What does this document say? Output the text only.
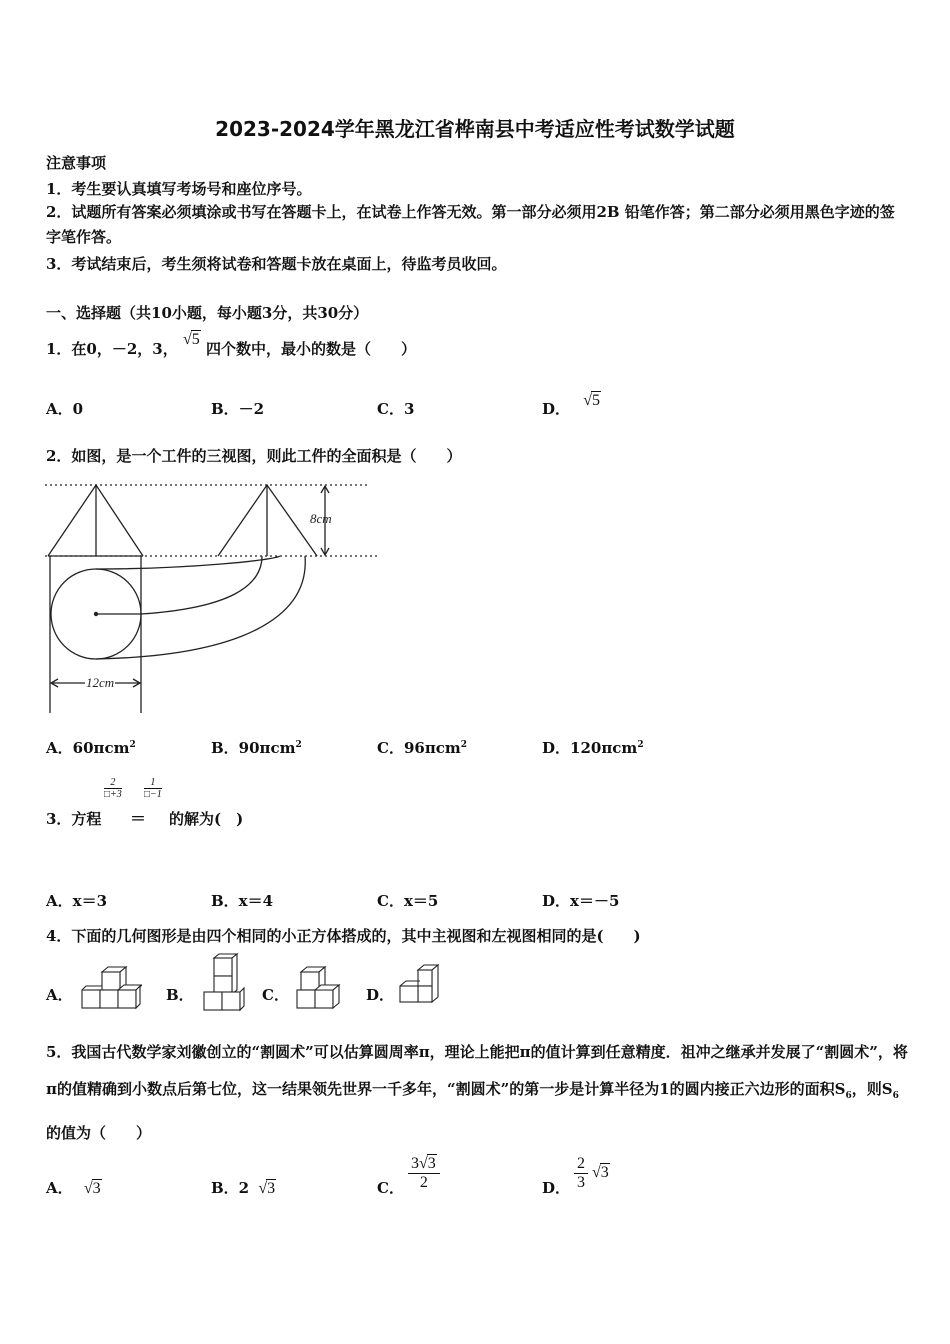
2023-2024学年黑龙江省桦南县中考适应性考试数学试题
注意事项
1．考生要认真填写考场号和座位序号。
2．试题所有答案必须填涂或书写在答题卡上，在试卷上作答无效。第一部分必须用2B 铅笔作答；第二部分必须用黑色字迹的签字笔作答。
3．考试结束后，考生须将试卷和答题卡放在桌面上，待监考员收回。
一、选择题（共10小题，每小题3分，共30分）
1．在0，－2，3， √5 四个数中，最小的数是（　　）
A．0	B．－2	C．3	D． √5
2．如图，是一个工件的三视图，则此工件的全面积是（　　）
8cm
12cm
A．60πcm$^2$	B．90πcm$^2$	C．96πcm$^2$	D．120πcm$^2$
$\frac{2}{□+3} \frac{1}{□-1}$
3．方程 ＝ 的解为(　)
A．x＝3	B．x＝4	C．x＝5	D．x＝－5
4．下面的几何图形是由四个相同的小正方体搭成的，其中主视图和左视图相同的是(　　)
A．	B．	C．	D．
5．我国古代数学家刘徽创立的“割圆术”可以估算圆周率π，理论上能把π的值计算到任意精度．祖冲之继承并发展了“割圆术”，将π的值精确到小数点后第七位，这一结果领先世界一千多年，“割圆术”的第一步是计算半径为1的圆内接正六边形的面积$S_6$，则$S_6$的值为（　　）
A． √3	B．2 √3	C． $\frac{3√3}{2}$	D． $\frac{2}{3} √3$
